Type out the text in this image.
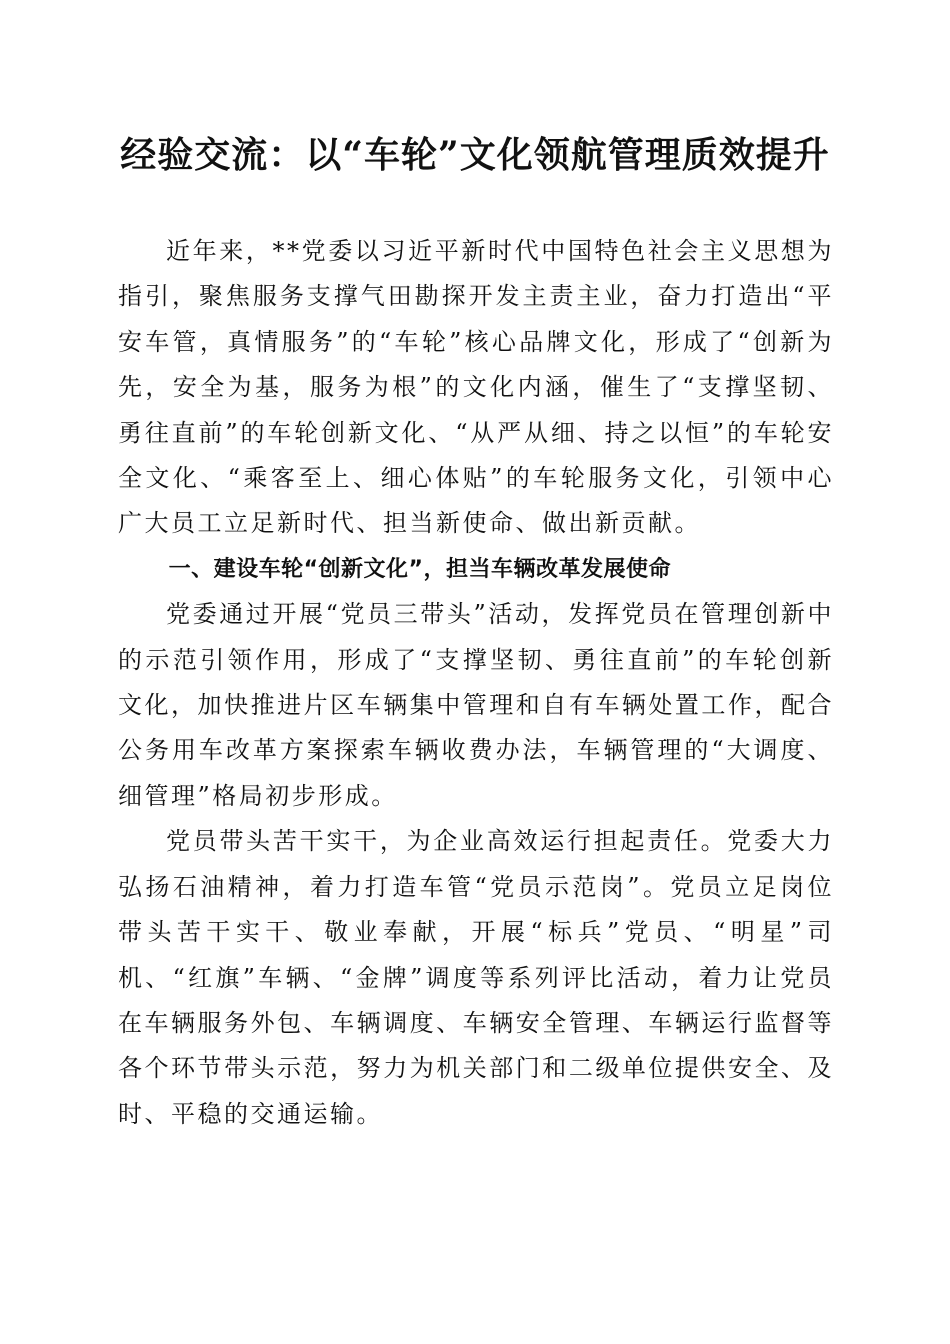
经验交流：以“车轮”文化领航管理质效提升

近年来，**党委以习近平新时代中国特色社会主义思想为指引，聚焦服务支撑气田勘探开发主责主业，奋力打造出“平安车管，真情服务”的“车轮”核心品牌文化，形成了“创新为先，安全为基，服务为根”的文化内涵，催生了“支撑坚韧、勇往直前”的车轮创新文化、“从严从细、持之以恒”的车轮安全文化、“乘客至上、细心体贴”的车轮服务文化，引领中心广大员工立足新时代、担当新使命、做出新贡献。

一、建设车轮“创新文化”，担当车辆改革发展使命

党委通过开展“党员三带头”活动，发挥党员在管理创新中的示范引领作用，形成了“支撑坚韧、勇往直前”的车轮创新文化，加快推进片区车辆集中管理和自有车辆处置工作，配合公务用车改革方案探索车辆收费办法，车辆管理的“大调度、细管理”格局初步形成。

党员带头苦干实干，为企业高效运行担起责任。党委大力弘扬石油精神，着力打造车管“党员示范岗”。党员立足岗位带头苦干实干、敬业奉献，开展“标兵”党员、“明星”司机、“红旗”车辆、“金牌”调度等系列评比活动，着力让党员在车辆服务外包、车辆调度、车辆安全管理、车辆运行监督等各个环节带头示范，努力为机关部门和二级单位提供安全、及时、平稳的交通运输。
